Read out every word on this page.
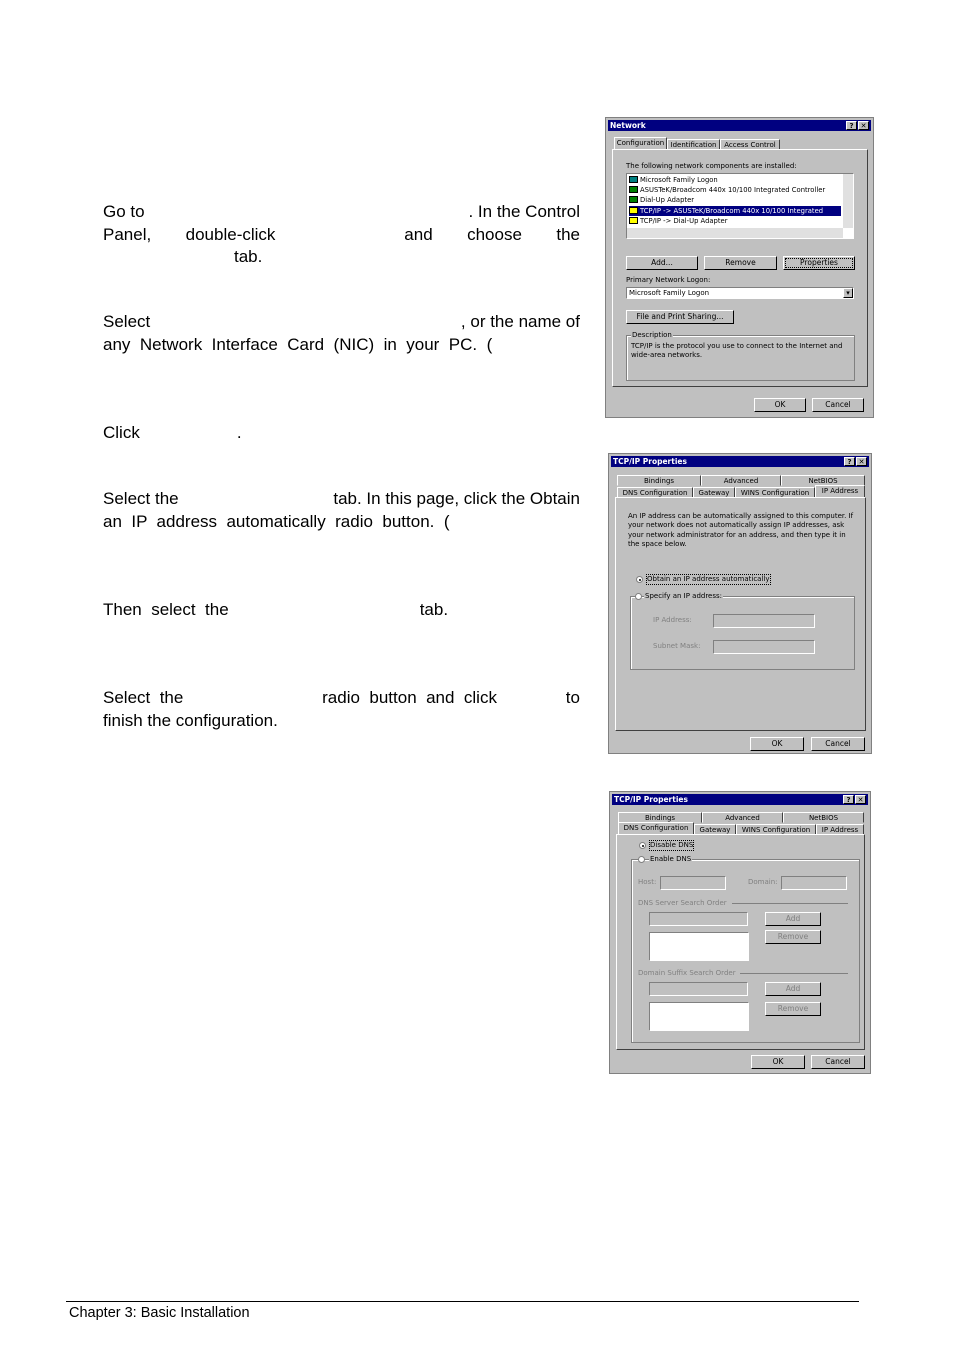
Go to	. In the Control
Panel, double-click	and choose the
tab.
Select	, or the name of
any  Network  Interface  Card  (NIC)  in  your  PC.  (
Click	.
Select the	tab. In this page, click the Obtain
an  IP  address  automatically  radio  button.  (
Then  select  the	tab.
Select  the	radio  button  and  click	to
finish the configuration.
Network	?	✕
Configuration Identification	Access Control
The following network components are installed:
Microsoft Family Logon
ASUSTeK/Broadcom 440x 10/100 Integrated Controller
Dial-Up Adapter
TCP/IP -> ASUSTeK/Broadcom 440x 10/100 Integrated
TCP/IP -> Dial-Up Adapter
Add...	Remove	Properties
Primary Network Logon:
Microsoft Family Logon	▾
File and Print Sharing...
Description
TCP/IP is the protocol you use to connect to the Internet and wide-area networks.
OK	Cancel
TCP/IP Properties	?	✕
Bindings	Advanced	NetBIOS
DNS Configuration	Gateway	WINS Configuration	IP Address
An IP address can be automatically assigned to this computer. If your network does not automatically assign IP addresses, ask your network administrator for an address, and then type it in the space below.
Obtain an IP address automatically
Specify an IP address:
IP Address:
Subnet Mask:
OK	Cancel
TCP/IP Properties	?	✕
Bindings	Advanced	NetBIOS
DNS Configuration	Gateway	WINS Configuration	IP Address
Disable DNS
Enable DNS
Host:	Domain:
DNS Server Search Order
Add
Remove
Domain Suffix Search Order
Add
Remove
OK	Cancel
Chapter 3: Basic Installation
